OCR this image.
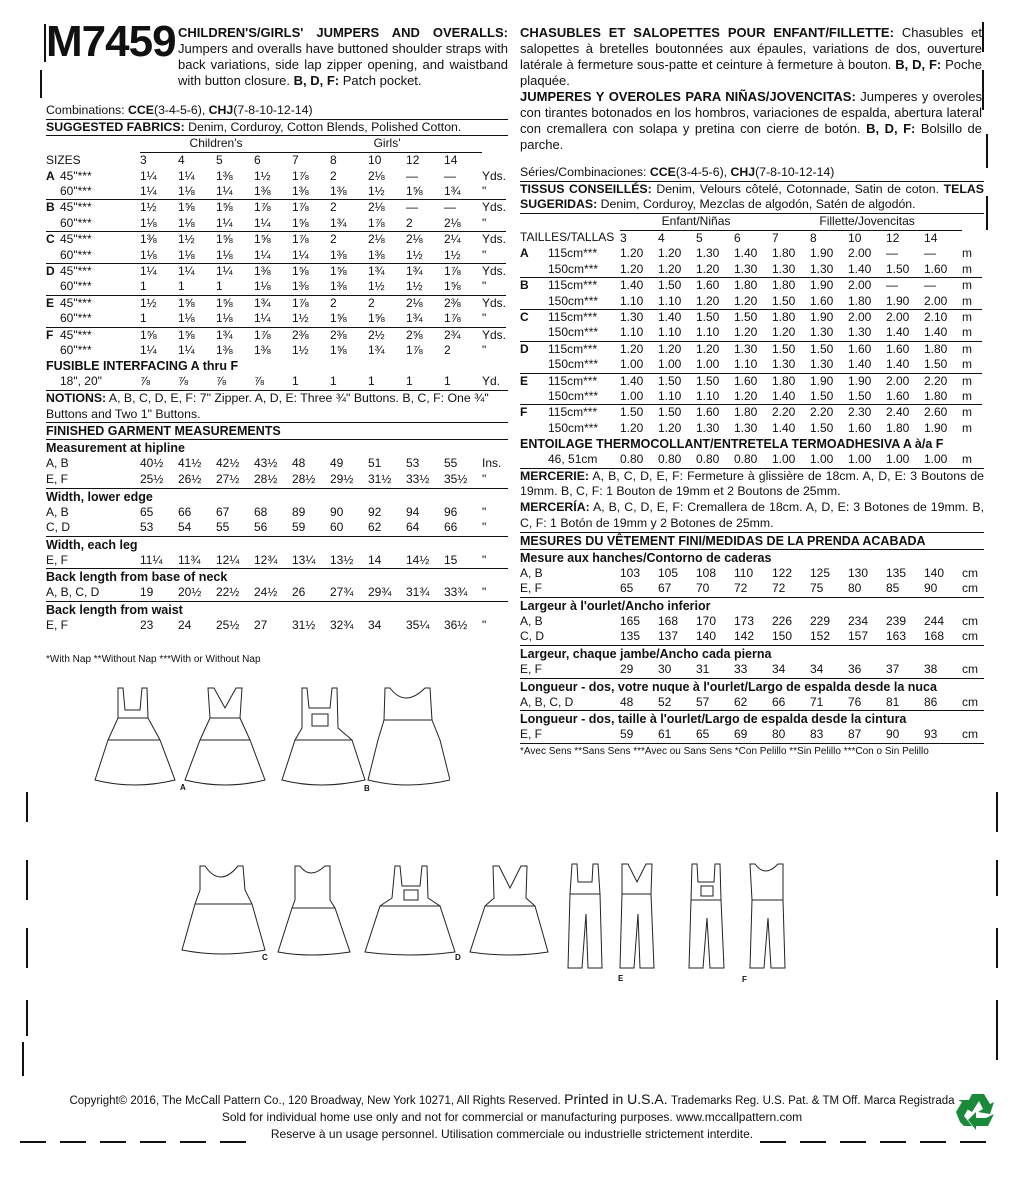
M7459 CHILDREN'S/GIRLS' JUMPERS AND OVERALLS: Jumpers and overalls have buttoned shoulder straps with back variations, side lap zipper opening, and waistband with button closure. B, D, F: Patch pocket.
Combinations: CCE(3-4-5-6), CHJ(7-8-10-12-14)
SUGGESTED FABRICS: Denim, Corduroy, Cotton Blends, Polished Cotton.
	Children's				Girls'					
SIZES	3	4	5	6	7	8	10	12	14	
A	45"***	1¼	1¼	1⅜	1½	1⅞	2	2⅛	—	—	Yds.
	60"***	1¼	1⅛	1¼	1⅜	1⅜	1⅜	1½	1⅝	1¾	"
B	45"***	1½	1⅝	1⅝	1⅞	1⅞	2	2⅛	—	—	Yds.
	60"***	1⅛	1⅛	1¼	1¼	1⅝	1¾	1⅞	2	2⅛	"
C	45"***	1⅜	1½	1⅝	1⅝	1⅞	2	2⅛	2⅛	2¼	Yds.
	60"***	1⅛	1⅛	1⅛	1¼	1¼	1⅜	1⅜	1½	1½	"
D	45"***	1¼	1¼	1¼	1⅜	1⅝	1⅝	1¾	1¾	1⅞	Yds.
	60"***	1	1	1	1⅛	1⅜	1⅜	1½	1½	1⅝	"
E	45"***	1½	1⅝	1⅝	1¾	1⅞	2	2	2⅛	2⅜	Yds.
	60"***	1	1⅛	1⅛	1¼	1½	1⅝	1⅝	1¾	1⅞	"
F	45"***	1⅝	1⅝	1¾	1⅞	2⅜	2⅜	2½	2⅝	2¾	Yds.
	60"***	1¼	1¼	1⅜	1⅜	1½	1⅝	1¾	1⅞	2	"
FUSIBLE INTERFACING A thru F
	18", 20"	⅞	⅞	⅞	⅞	1	1	1	1	1	Yd.
NOTIONS: A, B, C, D, E, F: 7" Zipper. A, D, E: Three ¾" Buttons. B, C, F: One ¾" Buttons and Two 1" Buttons.
FINISHED GARMENT MEASUREMENTS
Measurement at hipline
A, B	40½	41½	42½	43½	48	49	51	53	55	Ins.
E, F	25½	26½	27½	28½	28½	29½	31½	33½	35½	"
Width, lower edge
A, B	65	66	67	68	89	90	92	94	96	"
C, D	53	54	55	56	59	60	62	64	66	"
Width, each leg
E, F	11¼	11¾	12¼	12¾	13¼	13½	14	14½	15	"
Back length from base of neck
A, B, C, D	19	20½	22½	24½	26	27¾	29¾	31¾	33¾	"
Back length from waist
E, F	23	24	25½	27	31½	32¾	34	35¼	36½	"
*With Nap **Without Nap ***With or Without Nap
CHASUBLES ET SALOPETTES POUR ENFANT/FILLETTE: Chasubles et salopettes à bretelles boutonnées aux épaules, variations de dos, ouverture latérale à fermeture sous-patte et ceinture à fermeture à bouton. B, D, F: Poche plaquée.
JUMPERES Y OVEROLES PARA NIÑAS/JOVENCITAS: Jumperes y overoles con tirantes botonados en los hombros, variaciones de espalda, abertura lateral con cremallera con solapa y pretina con cierre de botón. B, D, F: Bolsillo de parche.
Séries/Combinaciones: CCE(3-4-5-6), CHJ(7-8-10-12-14)
TISSUS CONSEILLÉS: Denim, Velours côtelé, Cotonnade, Satin de coton. TELAS SUGERIDAS: Denim, Corduroy, Mezclas de algodón, Satén de algodón.
	Enfant/Niñas				Fillette/Jovencitas					
TAILLES/TALLAS	3	4	5	6	7	8	10	12	14	
A	115cm***	1.20	1.20	1.30	1.40	1.80	1.90	2.00	—	—	m
	150cm***	1.20	1.20	1.20	1.30	1.30	1.30	1.40	1.50	1.60	m
B	115cm***	1.40	1.50	1.60	1.80	1.80	1.90	2.00	—	—	m
	150cm***	1.10	1.10	1.20	1.20	1.50	1.60	1.80	1.90	2.00	m
C	115cm***	1.30	1.40	1.50	1.50	1.80	1.90	2.00	2.00	2.10	m
	150cm***	1.10	1.10	1.10	1.20	1.20	1.30	1.30	1.40	1.40	m
D	115cm***	1.20	1.20	1.20	1.30	1.50	1.50	1.60	1.60	1.80	m
	150cm***	1.00	1.00	1.00	1.10	1.30	1.30	1.40	1.40	1.50	m
E	115cm***	1.40	1.50	1.50	1.60	1.80	1.90	1.90	2.00	2.20	m
	150cm***	1.00	1.10	1.10	1.20	1.40	1.50	1.50	1.60	1.80	m
F	115cm***	1.50	1.50	1.60	1.80	2.20	2.20	2.30	2.40	2.60	m
	150cm***	1.20	1.20	1.30	1.30	1.40	1.50	1.60	1.80	1.90	m
ENTOILAGE THERMOCOLLANT/ENTRETELA TERMOADHESIVA A à/a F
	46, 51cm	0.80	0.80	0.80	0.80	1.00	1.00	1.00	1.00	1.00	m
MERCERIE: A, B, C, D, E, F: Fermeture à glissière de 18cm. A, D, E: 3 Boutons de 19mm. B, C, F: 1 Bouton de 19mm et 2 Boutons de 25mm.
MERCERÍA: A, B, C, D, E, F: Cremallera de 18cm. A, D, E: 3 Botones de 19mm. B, C, F: 1 Botón de 19mm y 2 Botones de 25mm.
MESURES DU VÊTEMENT FINI/MEDIDAS DE LA PRENDA ACABADA
Mesure aux hanches/Contorno de caderas
A, B	103	105	108	110	122	125	130	135	140	cm
E, F	65	67	70	72	72	75	80	85	90	cm
Largeur à l'ourlet/Ancho inferior
A, B	165	168	170	173	226	229	234	239	244	cm
C, D	135	137	140	142	150	152	157	163	168	cm
Largeur, chaque jambe/Ancho cada pierna
E, F	29	30	31	33	34	34	36	37	38	cm
Longueur - dos, votre nuque à l'ourlet/Largo de espalda desde la nuca
A, B, C, D	48	52	57	62	66	71	76	81	86	cm
Longueur - dos, taille à l'ourlet/Largo de espalda desde la cintura
E, F	59	61	65	69	80	83	87	90	93	cm
*Avec Sens **Sans Sens ***Avec ou Sans Sens *Con Pelillo **Sin Pelillo ***Con o Sin Pelillo
A	B
C	D
E	F
Copyright© 2016, The McCall Pattern Co., 120 Broadway, New York 10271, All Rights Reserved. Printed in U.S.A. Trademarks Reg. U.S. Pat. & TM Off. Marca Registrada
Sold for individual home use only and not for commercial or manufacturing purposes. www.mccallpattern.com
Reserve à un usage personnel. Utilisation commerciale ou industrielle strictement interdite.
